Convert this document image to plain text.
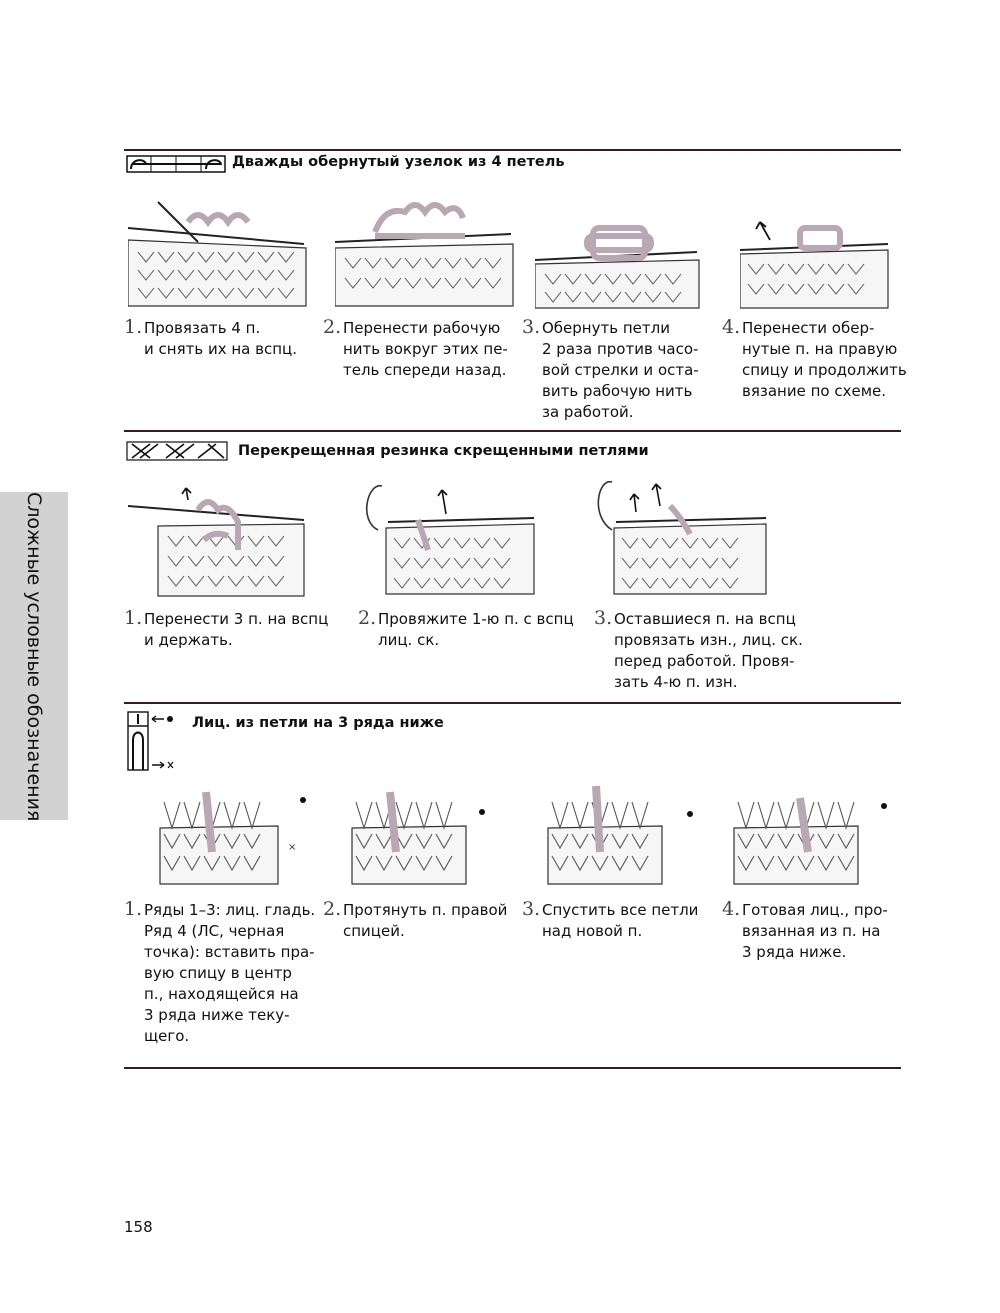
Сложные условные обозначения
Дважды обернутый узелок из 4 петель
1. Провязать 4 п.
и снять их на вспц.
2. Перенести рабочую
нить вокруг этих пе-
тель спереди назад.
3. Обернуть петли
2 раза против часо-
вой стрелки и оста-
вить рабочую нить
за работой.
4. Перенести обер-
нутые п. на правую
спицу и продолжить
вязание по схеме.
Перекрещенная резинка скрещенными петлями
1. Перенести 3 п. на вспц
и держать.
2. Провяжите 1-ю п. с вспц
лиц. ск.
3. Оставшиеся п. на вспц
провязать изн., лиц. ск.
перед работой. Провя-
зать 4-ю п. изн.
Лиц. из петли на 3 ряда ниже
×
1. Ряды 1–3: лиц. гладь.
Ряд 4 (ЛС, черная
точка): вставить пра-
вую спицу в центр
п., находящейся на
3 ряда ниже теку-
щего.
2. Протянуть п. правой
спицей.
3. Спустить все петли
над новой п.
4. Готовая лиц., про-
вязанная из п. на
3 ряда ниже.
158
